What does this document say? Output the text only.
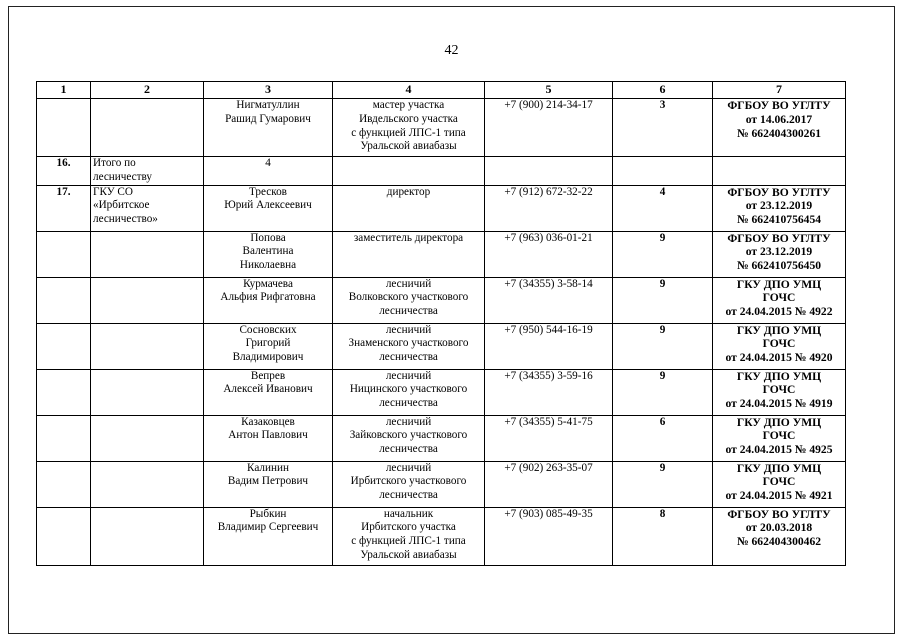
42
1	2	3	4	5	6	7

		Нигматуллин
Рашид Гумарович	мастер участка
Ивдельского участка
с функцией ЛПС-1 типа
Уральской авиабазы	+7 (900) 214-34-17	3	ФГБОУ ВО УГЛТУ
от 14.06.2017
№ 662404300261

16.	Итого по
лесничеству	4				

17.	ГКУ СО
«Ирбитское
лесничество»	Тресков
Юрий Алексеевич	директор	+7 (912) 672-32-22	4	ФГБОУ ВО УГЛТУ
от 23.12.2019
№ 662410756454

		Попова
Валентина
Николаевна	заместитель директора	+7 (963) 036-01-21	9	ФГБОУ ВО УГЛТУ
от 23.12.2019
№ 662410756450

		Курмачева
Альфия Рифгатовна	лесничий
Волковского участкового
лесничества	+7 (34355) 3-58-14	9	ГКУ ДПО УМЦ
ГОЧС
от 24.04.2015 № 4922

		Сосновских
Григорий
Владимирович	лесничий
Знаменского участкового
лесничества	+7 (950) 544-16-19	9	ГКУ ДПО УМЦ
ГОЧС
от 24.04.2015 № 4920

		Вепрев
Алексей Иванович	лесничий
Ницинского участкового
лесничества	+7 (34355) 3-59-16	9	ГКУ ДПО УМЦ
ГОЧС
от 24.04.2015 № 4919

		Казаковцев
Антон Павлович	лесничий
Зайковского участкового
лесничества	+7 (34355) 5-41-75	6	ГКУ ДПО УМЦ
ГОЧС
от 24.04.2015 № 4925

		Калинин
Вадим Петрович	лесничий
Ирбитского участкового
лесничества	+7 (902) 263-35-07	9	ГКУ ДПО УМЦ
ГОЧС
от 24.04.2015 № 4921

		Рыбкин
Владимир Сергеевич	начальник
Ирбитского участка
с функцией ЛПС-1 типа
Уральской авиабазы	+7 (903) 085-49-35	8	ФГБОУ ВО УГЛТУ
от 20.03.2018
№ 662404300462
